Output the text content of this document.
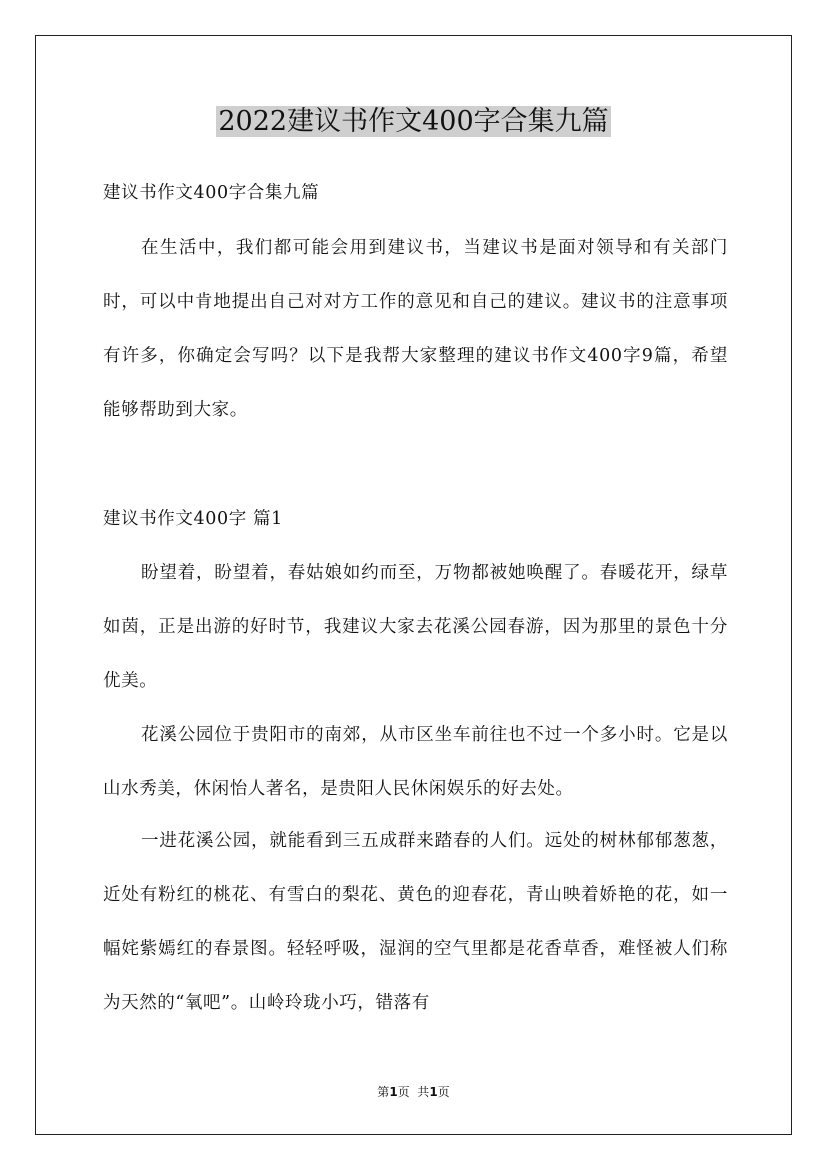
2022建议书作文400字合集九篇

建议书作文400字合集九篇

在生活中，我们都可能会用到建议书，当建议书是面对领导和有关部门时，可以中肯地提出自己对对方工作的意见和自己的建议。建议书的注意事项有许多，你确定会写吗？以下是我帮大家整理的建议书作文400字9篇，希望能够帮助到大家。

建议书作文400字 篇1

盼望着，盼望着，春姑娘如约而至，万物都被她唤醒了。春暖花开，绿草如茵，正是出游的好时节，我建议大家去花溪公园春游，因为那里的景色十分优美。

花溪公园位于贵阳市的南郊，从市区坐车前往也不过一个多小时。它是以山水秀美，休闲怡人著名，是贵阳人民休闲娱乐的好去处。

一进花溪公园，就能看到三五成群来踏春的人们。远处的树林郁郁葱葱，近处有粉红的桃花、有雪白的梨花、黄色的迎春花，青山映着娇艳的花，如一幅姹紫嫣红的春景图。轻轻呼吸，湿润的空气里都是花香草香，难怪被人们称为天然的“氧吧”。山岭玲珑小巧，错落有

第1页  共1页
